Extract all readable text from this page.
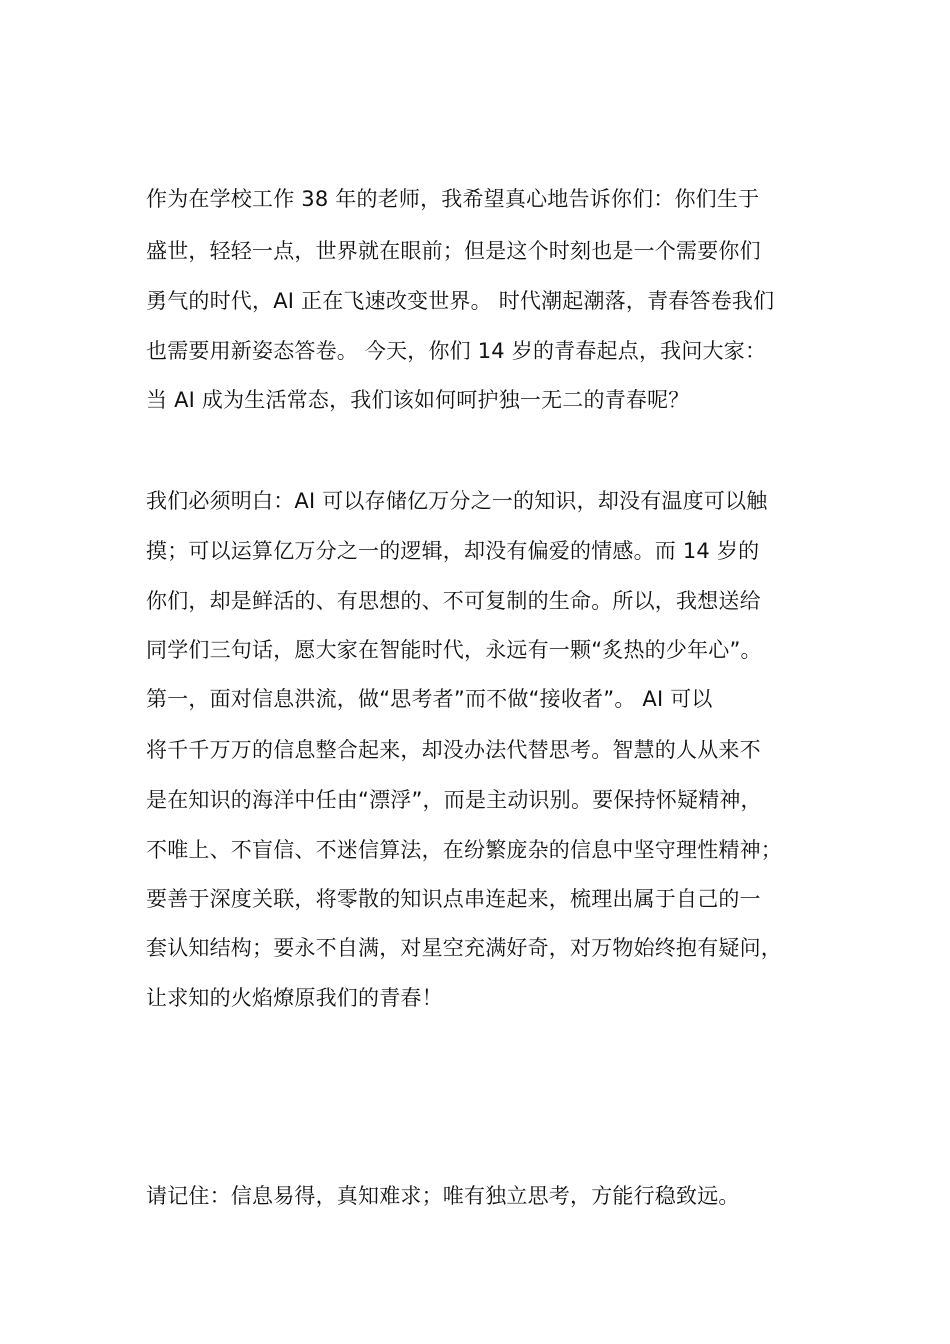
作为在学校工作 38 年的老师，我希望真心地告诉你们：你们生于
盛世，轻轻一点，世界就在眼前；但是这个时刻也是一个需要你们
勇气的时代，AI 正在飞速改变世界。 时代潮起潮落，青春答卷我们
也需要用新姿态答卷。 今天，你们 14 岁的青春起点，我问大家：
当 AI 成为生活常态，我们该如何呵护独一无二的青春呢？
我们必须明白：AI 可以存储亿万分之一的知识，却没有温度可以触
摸；可以运算亿万分之一的逻辑，却没有偏爱的情感。而 14 岁的
你们，却是鲜活的、有思想的、不可复制的生命。所以，我想送给
同学们三句话，愿大家在智能时代，永远有一颗“炙热的少年心”。
第一，面对信息洪流，做“思考者”而不做“接收者”。 AI 可以
将千千万万的信息整合起来，却没办法代替思考。智慧的人从来不
是在知识的海洋中任由“漂浮”，而是主动识别。要保持怀疑精神，
不唯上、不盲信、不迷信算法，在纷繁庞杂的信息中坚守理性精神；
要善于深度关联，将零散的知识点串连起来，梳理出属于自己的一
套认知结构；要永不自满，对星空充满好奇，对万物始终抱有疑问，
让求知的火焰燎原我们的青春！
请记住：信息易得，真知难求；唯有独立思考，方能行稳致远。
